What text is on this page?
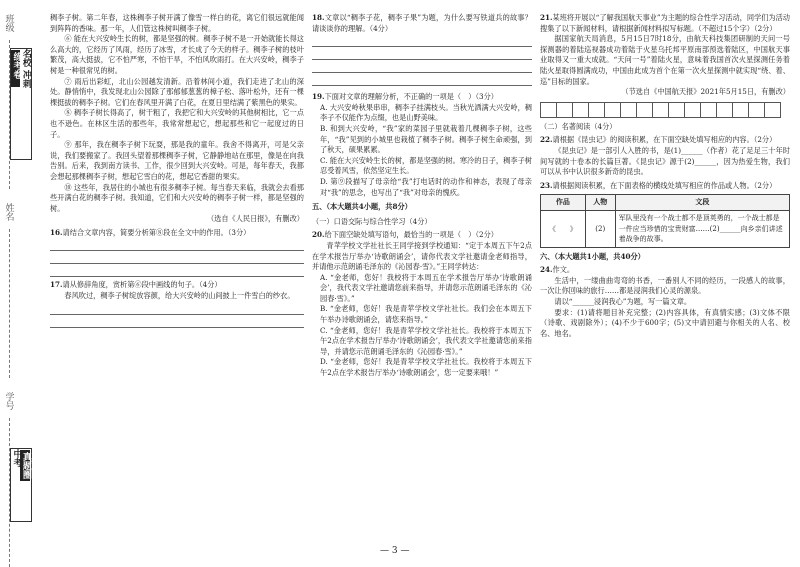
班级
姓名
学号
名校 冲刺
练考卷
真题圈
中考

稠李子树。第二年春，这株稠李子树开满了像雪一样白的花，离它们很远就能闻到阵阵的香味。那一年，人们管这株树叫稠李子树。

⑥ 能在大兴安岭生长的树，都是坚强的树。稠李子树不是一开始就能长得这么高大的，它经历了风雨，经历了冰雪，才长成了今天的样子。稠李子树的枝叶繁茂，高大挺拔，它不怕严寒，不怕干旱，不怕风吹雨打。在大兴安岭，稠李子树是一种很常见的树。

⑦ 雨后出彩虹，北山公园越发清新。沿着林间小道，我们走进了北山的深处。静悄悄中，我发现北山公园除了那郁郁葱葱的樟子松、落叶松外，还有一棵棵挺拔的稠李子树。它们在春风里开满了白花，在夏日里结满了紫黑色的果实。

⑧ 稠李子树长得高了，树干粗了，我把它和大兴安岭的其他树相比，它一点也不逊色。在林区生活的那些年，我常常想起它，想起那些和它一起度过的日子。

⑨ 那年，我在稠李子树下玩耍，那是我的童年。我舍不得离开，可是父亲说，我们要搬家了。我回头望着那棵稠李子树，它静静地站在那里，像是在向我告别。后来，我到南方读书、工作，很少回到大兴安岭。可是，每年春天，我都会想起那棵稠李子树，想起它雪白的花，想起它香甜的果实。

⑩ 这些年，我居住的小城也有很多稠李子树。每当春天来临，我就会去看那些开满白花的稠李子树。我知道，它们和大兴安岭的稠李子树一样，都是坚强的树。

（选自《人民日报》，有删改）

16.请结合文章内容，简要分析第⑧段在全文中的作用。（3分）

17.请从修辞角度，赏析第⑥段中画线的句子。（4分）

春风吹过，稠李子树绽放容颜，给大兴安岭的山间披上一件雪白的纱衣。

18.文章以“稠李子花，稠李子果”为题，为什么要写铁道兵的故事？请谈谈你的理解。（4分）

19.下面对文章的理解分析，不正确的一项是（　）（3分）

A. 大兴安岭秋果串串，稠李子挂满枝头。当秋光洒满大兴安岭，稠李子不仅能作为点缀，也是山野美味。

B. 和到大兴安岭，“我”家的菜园子里就栽着几棵稠李子树，这些年，“我”见到的小城里也栽植了稠李子树。稠李子树生命顽强，到了秋天，硕果累累。

C. 能在大兴安岭生长的树，都是坚强的树。寒冷的日子，稠李子树忍受着风雪，依然坚定生长。

D. 第⑨段描写了母亲给“我”打电话时的动作和神态，表现了母亲对“我”的思念，也写出了“我”对母亲的愧疚。

五、（本大题共4小题，共8分）

（一）口语交际与综合性学习（4分）

20.给下面空缺处填写语句，最恰当的一项是（　）（2分）

青苹学校文学社社长王同学接到学校通知：“定于本周五下午2点在学术报告厅举办‘诗歌朗诵会’，请你代表文学社邀请金老师指导，并请他示范朗诵毛泽东的《沁园春·雪》。”王同学转达：

A. “金老师，您好！我校将于本周五在学术报告厅举办‘诗歌朗诵会’，我代表文学社邀请您前来指导，并请您示范朗诵毛泽东的《沁园春·雪》。”

B. “金老师，您好！我是青苹学校文学社社长。我们会在本周五下午举办诗歌朗诵会，请您来指导。”

C. “金老师，您好！我是青苹学校文学社社长。我校将于本周五下午2点在学术报告厅举办‘诗歌朗诵会’，我代表文学社邀请您前来指导，并请您示范朗诵毛泽东的《沁园春·雪》。”

D. “金老师，您好！我是青苹学校文学社社长。我校将于本周五下午2点在学术报告厅举办‘诗歌朗诵会’，您一定要来哦！”

21.某班将开展以“了解我国航天事业”为主题的综合性学习活动，同学们为活动搜集了以下新闻材料，请根据新闻材料拟写标题。（不超过15个字）（2分）

据国家航天局消息，5月15日7时18分，由航天科技集团研制的天问一号探测器的着陆巡视器成功着陆于火星乌托邦平原南部预选着陆区，中国航天事业取得又一重大成就。“天问一号”着陆火星，意味着我国首次火星探测任务着陆火星取得圆满成功，中国由此成为首个在第一次火星探测中就实现“绕、着、巡”目标的国家。

（节选自《中国航天报》2021年5月15日，有删改）

（二）名著阅读（4分）

22.请根据《昆虫记》的阅读积累，在下面空缺处填写相应的内容。（2分）

《昆虫记》是一部引人入胜的书，是(1)______（作者）花了足足三十年时间写就的十卷本的长篇巨著。《昆虫记》源于(2)______，因为热爱生物，我们可以从书中认识很多新奇的昆虫。

23.请根据阅读积累，在下面表格的横线处填写相应的作品或人物。（2分）

作品	人物	文段
《　　》	(2)	军队里没有一个战士都不是顶英勇的，一个战士都是一件应当珍惜的宝贵财富……(2)______向乡亲们讲述着战争的故事。

六、（本大题共1小题，共40分）

24.作文。

生活中，一缕曲曲弯弯的书香，一番别人不同的经历，一段感人的故事，一次让你回味的旅行……都是浸润我们心灵的源泉。

请以“______浸润我心”为题，写一篇文章。

要求：(1)请将题目补充完整；(2)内容具体，有真情实感；(3)文体不限（诗歌、戏剧除外）；(4)不少于600字；(5)文中请回避与你相关的人名、校名、地名。

— 3 —
